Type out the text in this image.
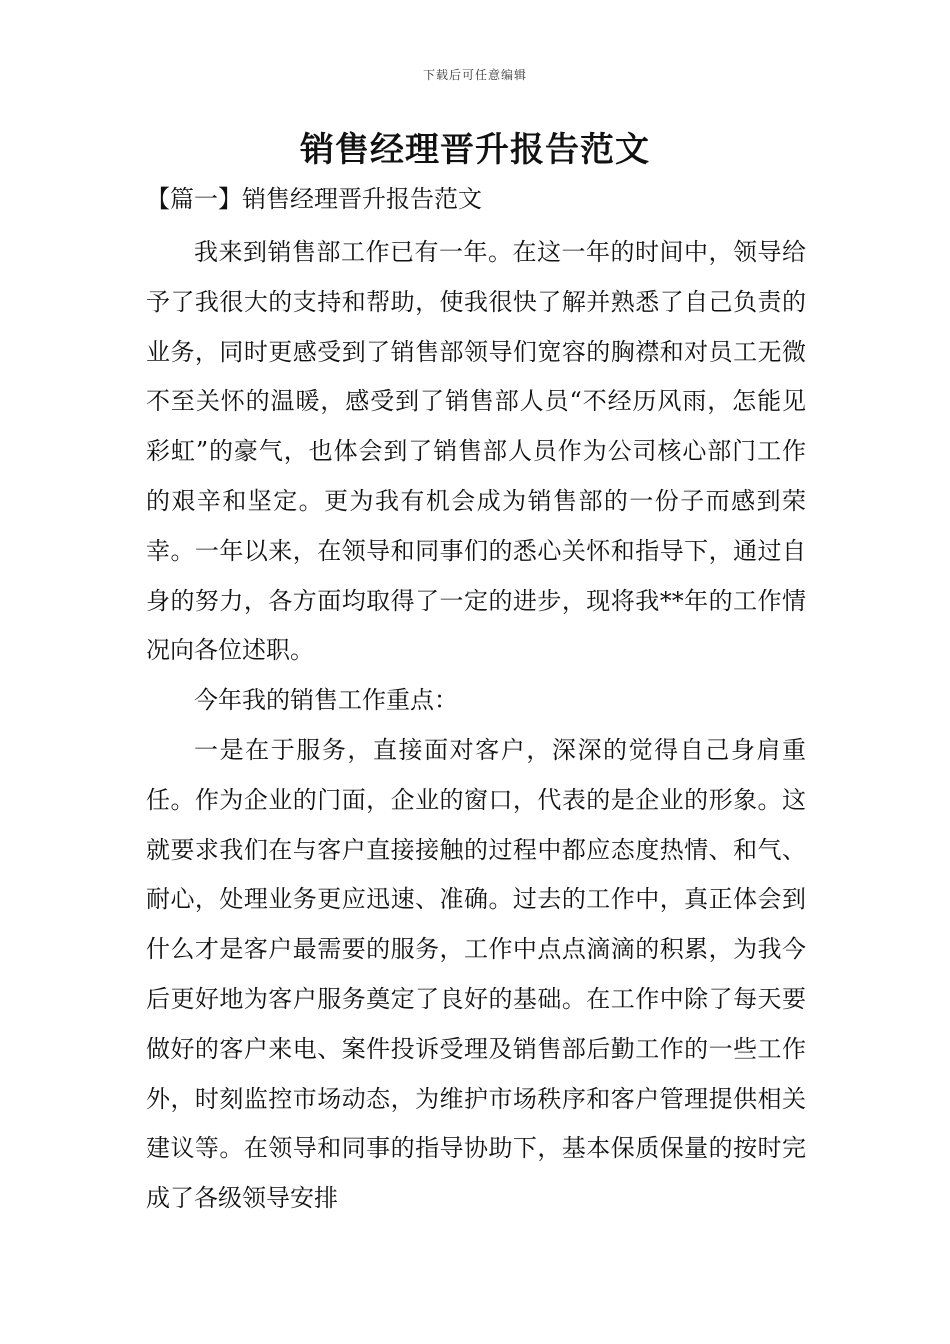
下载后可任意编辑
销售经理晋升报告范文
【篇一】销售经理晋升报告范文

我来到销售部工作已有一年。在这一年的时间中，领导给予了我很大的支持和帮助，使我很快了解并熟悉了自己负责的业务，同时更感受到了销售部领导们宽容的胸襟和对员工无微不至关怀的温暖，感受到了销售部人员“不经历风雨，怎能见彩虹”的豪气，也体会到了销售部人员作为公司核心部门工作的艰辛和坚定。更为我有机会成为销售部的一份子而感到荣幸。一年以来，在领导和同事们的悉心关怀和指导下，通过自身的努力，各方面均取得了一定的进步，现将我**年的工作情况向各位述职。

今年我的销售工作重点：

一是在于服务，直接面对客户，深深的觉得自己身肩重任。作为企业的门面，企业的窗口，代表的是企业的形象。这就要求我们在与客户直接接触的过程中都应态度热情、和气、耐心，处理业务更应迅速、准确。过去的工作中，真正体会到什么才是客户最需要的服务，工作中点点滴滴的积累，为我今后更好地为客户服务奠定了良好的基础。在工作中除了每天要做好的客户来电、案件投诉受理及销售部后勤工作的一些工作外，时刻监控市场动态，为维护市场秩序和客户管理提供相关建议等。在领导和同事的指导协助下，基本保质保量的按时完成了各级领导安排
